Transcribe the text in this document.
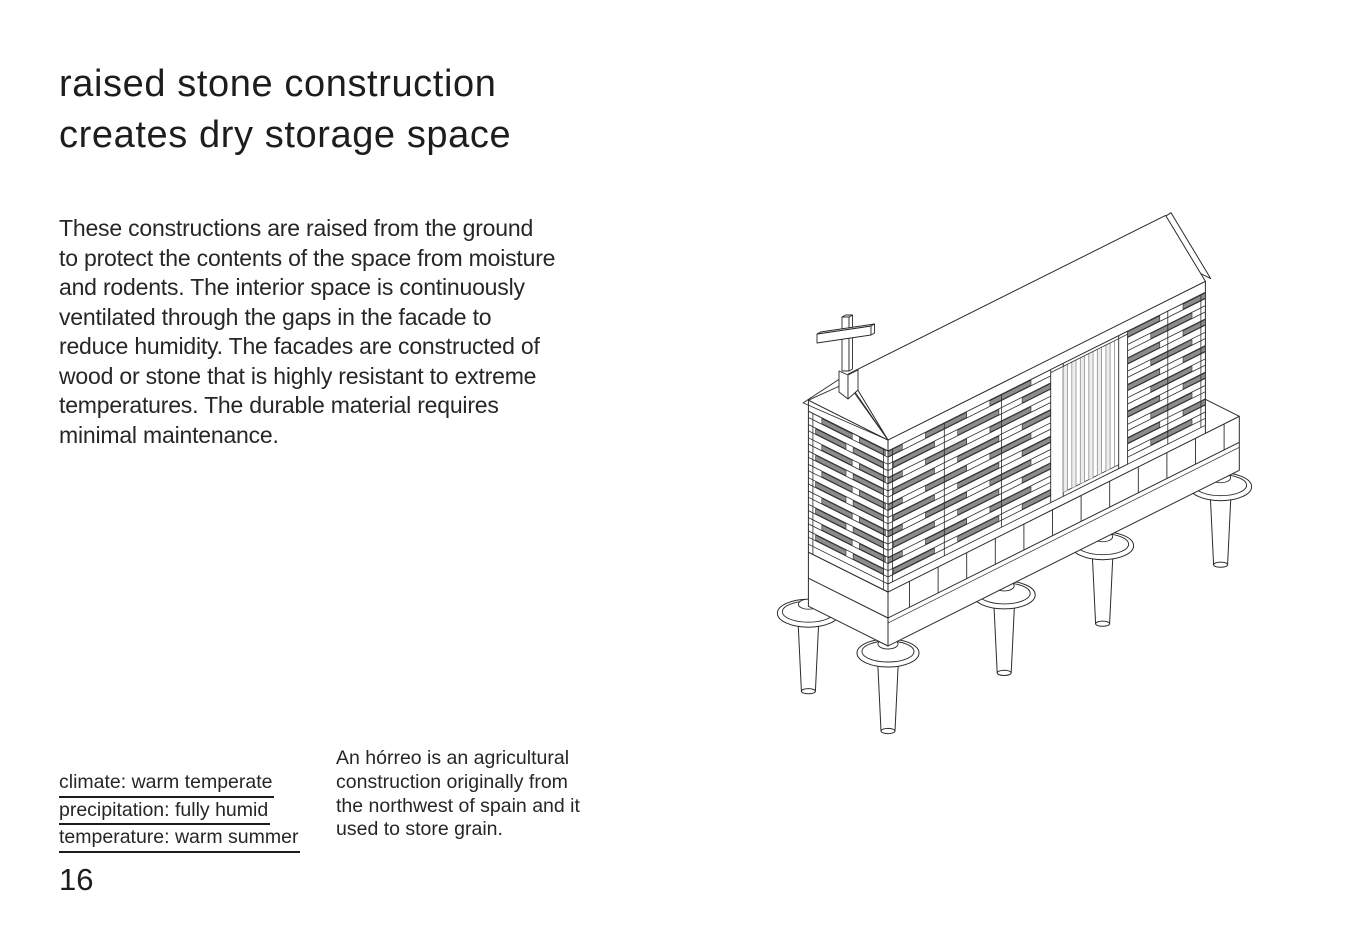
raised stone construction
creates dry storage space
These constructions are raised from the ground
to protect the contents of the space from moisture
and rodents. The interior space is continuously
ventilated through the gaps in the facade to
reduce humidity. The facades are constructed of
wood or stone that is highly resistant to extreme
temperatures. The durable material requires
minimal maintenance.
climate: warm temperate
precipitation: fully humid
temperature: warm summer
An hórreo is an agricultural
construction originally from
the northwest of spain and it
used to store grain.
16
